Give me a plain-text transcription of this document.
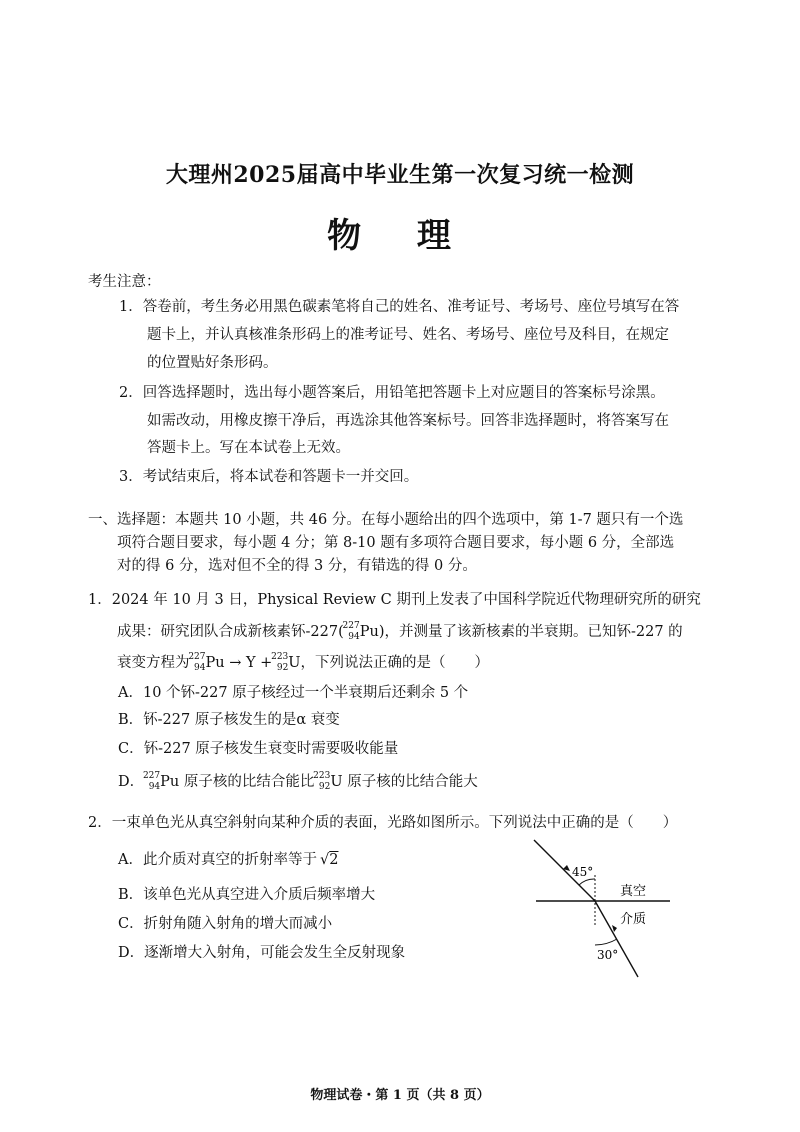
大理州2025届高中毕业生第一次复习统一检测
物 理
考生注意：
1．答卷前，考生务必用黑色碳素笔将自己的姓名、准考证号、考场号、座位号填写在答
题卡上，并认真核准条形码上的准考证号、姓名、考场号、座位号及科目，在规定
的位置贴好条形码。
2．回答选择题时，选出每小题答案后，用铅笔把答题卡上对应题目的答案标号涂黑。
如需改动，用橡皮擦干净后，再选涂其他答案标号。回答非选择题时，将答案写在
答题卡上。写在本试卷上无效。
3．考试结束后，将本试卷和答题卡一并交回。
一、选择题：本题共 10 小题，共 46 分。在每小题给出的四个选项中，第 1-7 题只有一个选
项符合题目要求，每小题 4 分；第 8-10 题有多项符合题目要求，每小题 6 分，全部选
对的得 6 分，选对但不全的得 3 分，有错选的得 0 分。
1．2024 年 10 月 3 日，Physical Review C 期刊上发表了中国科学院近代物理研究所的研究
成果：研究团队合成新核素钚-227(
227
94 Pu)，并测量了该新核素的半衰期。已知钚-227 的
衰变方程为
227
94 Pu → Y +
223
92 U，下列说法正确的是（　　）
A．10 个钚-227 原子核经过一个半衰期后还剩余 5 个
B．钚-227 原子核发生的是α 衰变
C．钚-227 原子核发生衰变时需要吸收能量
D．
227
94 Pu 原子核的比结合能比
223
92 U 原子核的比结合能大
2．一束单色光从真空斜射向某种介质的表面，光路如图所示。下列说法中正确的是（　　）
A．此介质对真空的折射率等于 √2
B．该单色光从真空进入介质后频率增大
C．折射角随入射角的增大而减小
D．逐渐增大入射角，可能会发生全反射现象
45°
30°
真空
介质
物理试卷・第 1 页（共 8 页）
